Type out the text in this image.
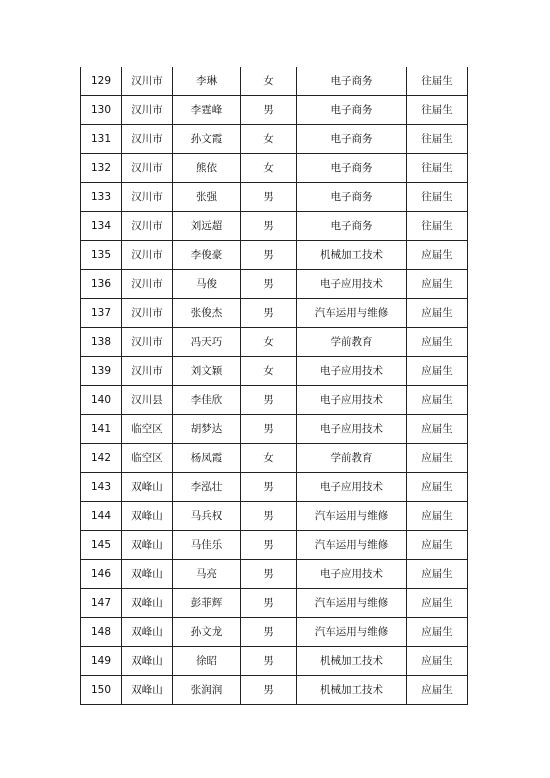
129	汉川市	李琳	女	电子商务	往届生
130	汉川市	李霆峰	男	电子商务	往届生
131	汉川市	孙文霞	女	电子商务	往届生
132	汉川市	熊依	女	电子商务	往届生
133	汉川市	张强	男	电子商务	往届生
134	汉川市	刘远超	男	电子商务	往届生
135	汉川市	李俊豪	男	机械加工技术	应届生
136	汉川市	马俊	男	电子应用技术	应届生
137	汉川市	张俊杰	男	汽车运用与维修	应届生
138	汉川市	冯天巧	女	学前教育	应届生
139	汉川市	刘文颖	女	电子应用技术	应届生
140	汉川县	李佳欣	男	电子应用技术	应届生
141	临空区	胡梦达	男	电子应用技术	应届生
142	临空区	杨凤霞	女	学前教育	应届生
143	双峰山	李泓壮	男	电子应用技术	应届生
144	双峰山	马兵权	男	汽车运用与维修	应届生
145	双峰山	马佳乐	男	汽车运用与维修	应届生
146	双峰山	马亮	男	电子应用技术	应届生
147	双峰山	彭菲辉	男	汽车运用与维修	应届生
148	双峰山	孙文龙	男	汽车运用与维修	应届生
149	双峰山	徐昭	男	机械加工技术	应届生
150	双峰山	张润润	男	机械加工技术	应届生
